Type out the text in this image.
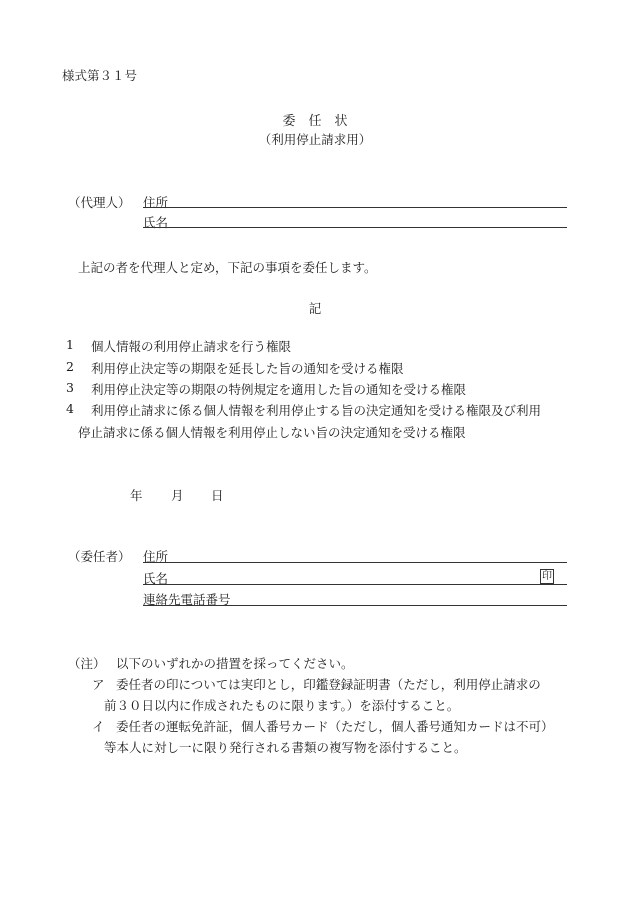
様式第３１号
委　任　状
（利用停止請求用）
（代理人） 住所
氏名
上記の者を代理人と定め，下記の事項を委任します。
記
1 個人情報の利用停止請求を行う権限
2 利用停止決定等の期限を延長した旨の通知を受ける権限
3 利用停止決定等の期限の特例規定を適用した旨の通知を受ける権限
4 利用停止請求に係る個人情報を利用停止する旨の決定通知を受ける権限及び利用
停止請求に係る個人情報を利用停止しない旨の決定通知を受ける権限
年 月 日
（委任者） 住所
氏名	印
連絡先電話番号
（注） 以下のいずれかの措置を採ってください。
ア 委任者の印については実印とし，印鑑登録証明書（ただし，利用停止請求の
前３０日以内に作成されたものに限ります。）を添付すること。
イ 委任者の運転免許証，個人番号カード（ただし，個人番号通知カードは不可）
等本人に対し一に限り発行される書類の複写物を添付すること。
